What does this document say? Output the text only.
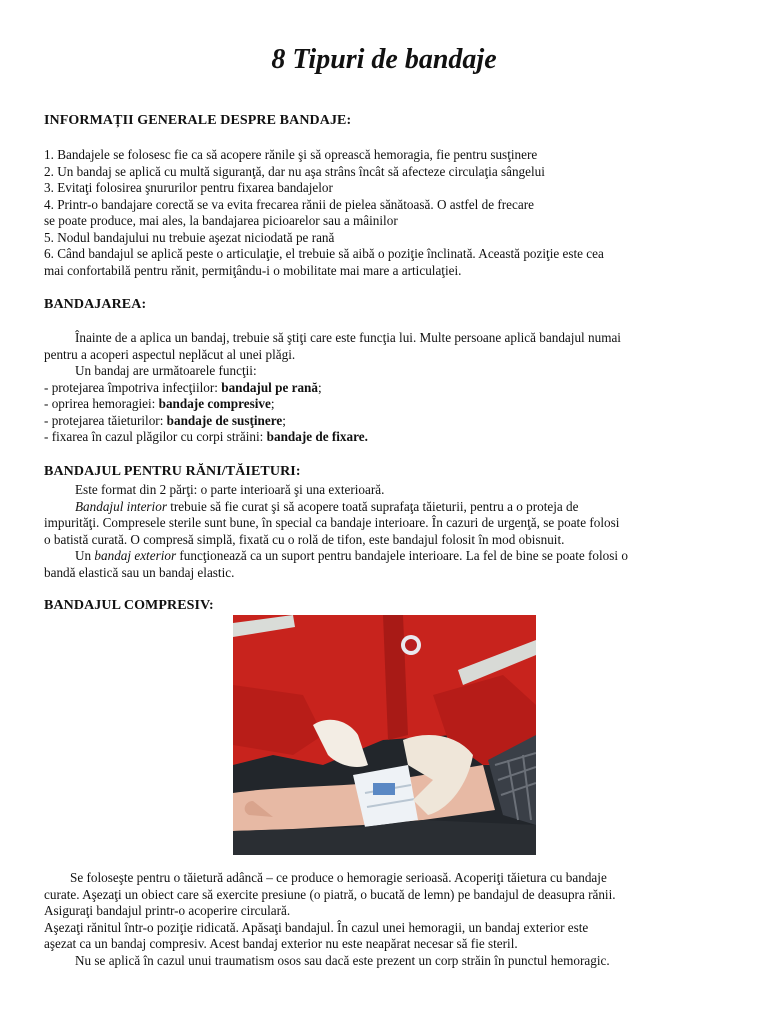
8 Tipuri de bandaje

INFORMAȚII GENERALE DESPRE BANDAJE:

1. Bandajele se folosesc fie ca să acopere rănile şi să oprească hemoragia, fie pentru susţinere
2. Un bandaj se aplică cu multă siguranţă, dar nu aşa strâns încât să afecteze circulaţia sângelui
3. Evitaţi folosirea şnururilor pentru fixarea bandajelor
4. Printr-o bandajare corectă se va evita frecarea rănii de pielea sănătoasă. O astfel de frecare
se poate produce, mai ales, la bandajarea picioarelor sau a mâinilor
5. Nodul bandajului nu trebuie aşezat niciodată pe rană
6. Când bandajul se aplică peste o articulaţie, el trebuie să aibă o poziţie înclinată. Această poziţie este cea
mai confortabilă pentru rănit, permiţându-i o mobilitate mai mare a articulaţiei.

BANDAJAREA:

Înainte de a aplica un bandaj, trebuie să ştiţi care este funcţia lui. Multe persoane aplică bandajul numai
pentru a acoperi aspectul neplăcut al unei plăgi.
Un bandaj are următoarele funcţii:
- protejarea împotriva infecţiilor: bandajul pe rană;
- oprirea hemoragiei: bandaje compresive;
- protejarea tăieturilor: bandaje de susţinere;
- fixarea în cazul plăgilor cu corpi străini: bandaje de fixare.

BANDAJUL PENTRU RĂNI/TĂIETURI:

Este format din 2 părţi: o parte interioară şi una exterioară.
Bandajul interior trebuie să fie curat şi să acopere toată suprafaţa tăieturii, pentru a o proteja de
impurităţi. Compresele sterile sunt bune, în special ca bandaje interioare. În cazuri de urgenţă, se poate folosi
o batistă curată. O compresă simplă, fixată cu o rolă de tifon, este bandajul folosit în mod obisnuit.
Un bandaj exterior funcţionează ca un suport pentru bandajele interioare. La fel de bine se poate folosi o
bandă elastică sau un bandaj elastic.

BANDAJUL COMPRESIV:

Se foloseşte pentru o tăietură adâncă – ce produce o hemoragie serioasă. Acoperiţi tăietura cu bandaje
curate. Aşezaţi un obiect care să exercite presiune (o piatră, o bucată de lemn) pe bandajul de deasupra rănii.
Asiguraţi bandajul printr-o acoperire circulară.
Aşezaţi rănitul într-o poziţie ridicată. Apăsaţi bandajul. În cazul unei hemoragii, un bandaj exterior este
aşezat ca un bandaj compresiv. Acest bandaj exterior nu este neapărat necesar să fie steril.
Nu se aplică în cazul unui traumatism osos sau dacă este prezent un corp străin în punctul hemoragic.
